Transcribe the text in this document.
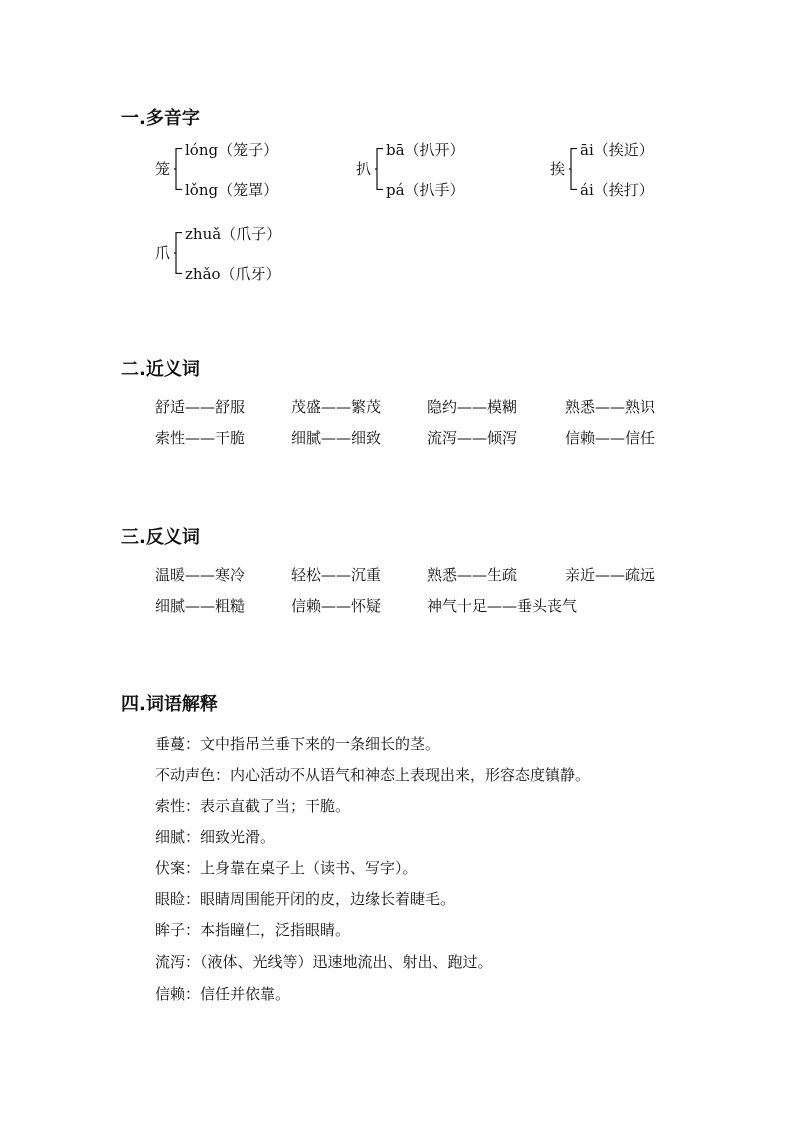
一.多音字
笼
lóng（笼子）
lǒng（笼罩）
扒
bā（扒开）
pá（扒手）
挨
āi（挨近）
ái（挨打）
爪
zhuǎ（爪子）
zhǎo（爪牙）
二.近义词
舒适——舒服	茂盛——繁茂	隐约——模糊	熟悉——熟识
索性——干脆	细腻——细致	流泻——倾泻	信赖——信任
三.反义词
温暖——寒冷	轻松——沉重	熟悉——生疏	亲近——疏远
细腻——粗糙	信赖——怀疑	神气十足——垂头丧气
四.词语解释
垂蔓：文中指吊兰垂下来的一条细长的茎。
不动声色：内心活动不从语气和神态上表现出来，形容态度镇静。
索性：表示直截了当；干脆。
细腻：细致光滑。
伏案：上身靠在桌子上（读书、写字）。
眼睑：眼睛周围能开闭的皮，边缘长着睫毛。
眸子：本指瞳仁，泛指眼睛。
流泻：（液体、光线等）迅速地流出、射出、跑过。
信赖：信任并依靠。
